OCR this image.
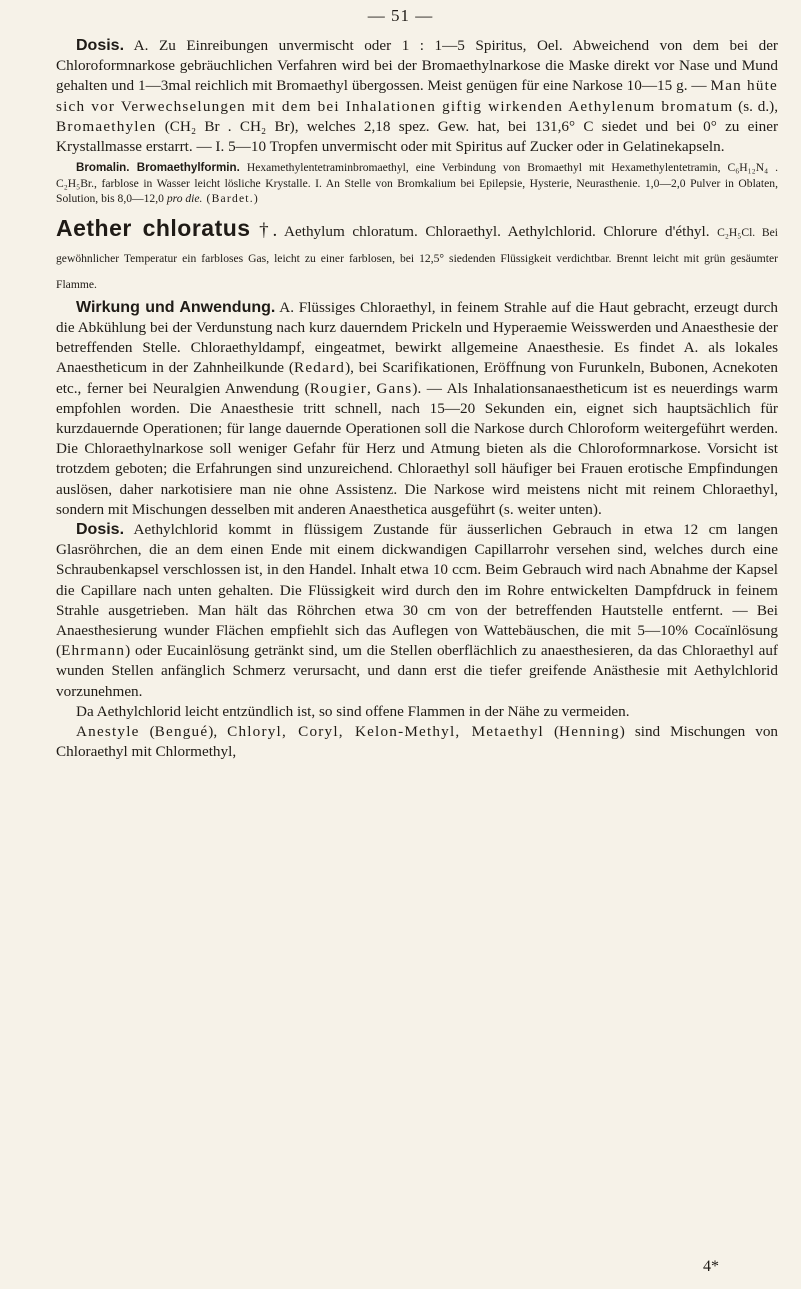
— 51 —

Dosis. A. Zu Einreibungen unvermischt oder 1 : 1—5 Spiritus, Oel. Abweichend von dem bei der Chloroformnarkose gebräuchlichen Verfahren wird bei der Bromaethylnarkose die Maske direkt vor Nase und Mund gehalten und 1—3mal reichlich mit Bromaethyl übergossen. Meist genügen für eine Narkose 10—15 g. — Man hüte sich vor Verwechselungen mit dem bei Inhalationen giftig wirkenden Aethylenum bromatum (s. d.), Bromaethylen (CH₂ Br . CH₂ Br), welches 2,18 spez. Gew. hat, bei 131,6° C siedet und bei 0° zu einer Krystallmasse erstarrt. — I. 5—10 Tropfen unvermischt oder mit Spiritus auf Zucker oder in Gelatinekapseln.

Bromalin. Bromaethylformin. Hexamethylentetraminbromaethyl, eine Verbindung von Bromaethyl mit Hexamethylentetramin, C₆H₁₂N₄ . C₂H₅Br., farblose in Wasser leicht lösliche Krystalle. I. An Stelle von Bromkalium bei Epilepsie, Hysterie, Neurasthenie. 1,0—2,0 Pulver in Oblaten, Solution, bis 8,0—12,0 pro die. (Bardet.)

Aether chloratus †. Aethylum chloratum. Chloraethyl. Aethylchlorid. Chlorure d'éthyl. C₂H₅Cl. Bei gewöhnlicher Temperatur ein farbloses Gas, leicht zu einer farblosen, bei 12,5° siedenden Flüssigkeit verdichtbar. Brennt leicht mit grün gesäumter Flamme.

Wirkung und Anwendung. A. Flüssiges Chloraethyl, in feinem Strahle auf die Haut gebracht, erzeugt durch die Abkühlung bei der Verdunstung nach kurz dauerndem Prickeln und Hyperaemie Weisswerden und Anaesthesie der betreffenden Stelle. Chloraethyldampf, eingeatmet, bewirkt allgemeine Anaesthesie. Es findet A. als lokales Anaestheticum in der Zahnheilkunde (Redard), bei Scarifikationen, Eröffnung von Furunkeln, Bubonen, Acnekoten etc., ferner bei Neuralgien Anwendung (Rougier, Gans). — Als Inhalationsanaestheticum ist es neuerdings warm empfohlen worden. Die Anaesthesie tritt schnell, nach 15—20 Sekunden ein, eignet sich hauptsächlich für kurzdauernde Operationen; für lange dauernde Operationen soll die Narkose durch Chloroform weitergeführt werden. Die Chloraethylnarkose soll weniger Gefahr für Herz und Atmung bieten als die Chloroformnarkose. Vorsicht ist trotzdem geboten; die Erfahrungen sind unzureichend. Chloraethyl soll häufiger bei Frauen erotische Empfindungen auslösen, daher narkotisiere man nie ohne Assistenz. Die Narkose wird meistens nicht mit reinem Chloraethyl, sondern mit Mischungen desselben mit anderen Anaesthetica ausgeführt (s. weiter unten).

Dosis. Aethylchlorid kommt in flüssigem Zustande für äusserlichen Gebrauch in etwa 12 cm langen Glasröhrchen, die an dem einen Ende mit einem dickwandigen Capillarrohr versehen sind, welches durch eine Schraubenkapsel verschlossen ist, in den Handel. Inhalt etwa 10 ccm. Beim Gebrauch wird nach Abnahme der Kapsel die Capillare nach unten gehalten. Die Flüssigkeit wird durch den im Rohre entwickelten Dampfdruck in feinem Strahle ausgetrieben. Man hält das Röhrchen etwa 30 cm von der betreffenden Hautstelle entfernt. — Bei Anaesthesierung wunder Flächen empfiehlt sich das Auflegen von Wattebäuschen, die mit 5—10% Cocaïnlösung (Ehrmann) oder Eucainlösung getränkt sind, um die Stellen oberflächlich zu anaesthesieren, da das Chloraethyl auf wunden Stellen anfänglich Schmerz verursacht, und dann erst die tiefer greifende Anästhesie mit Aethylchlorid vorzunehmen.

Da Aethylchlorid leicht entzündlich ist, so sind offene Flammen in der Nähe zu vermeiden.

Anestyle (Bengué), Chloryl, Coryl, Kelon-Methyl, Metaethyl (Henning) sind Mischungen von Chloraethyl mit Chlormethyl,

4*
